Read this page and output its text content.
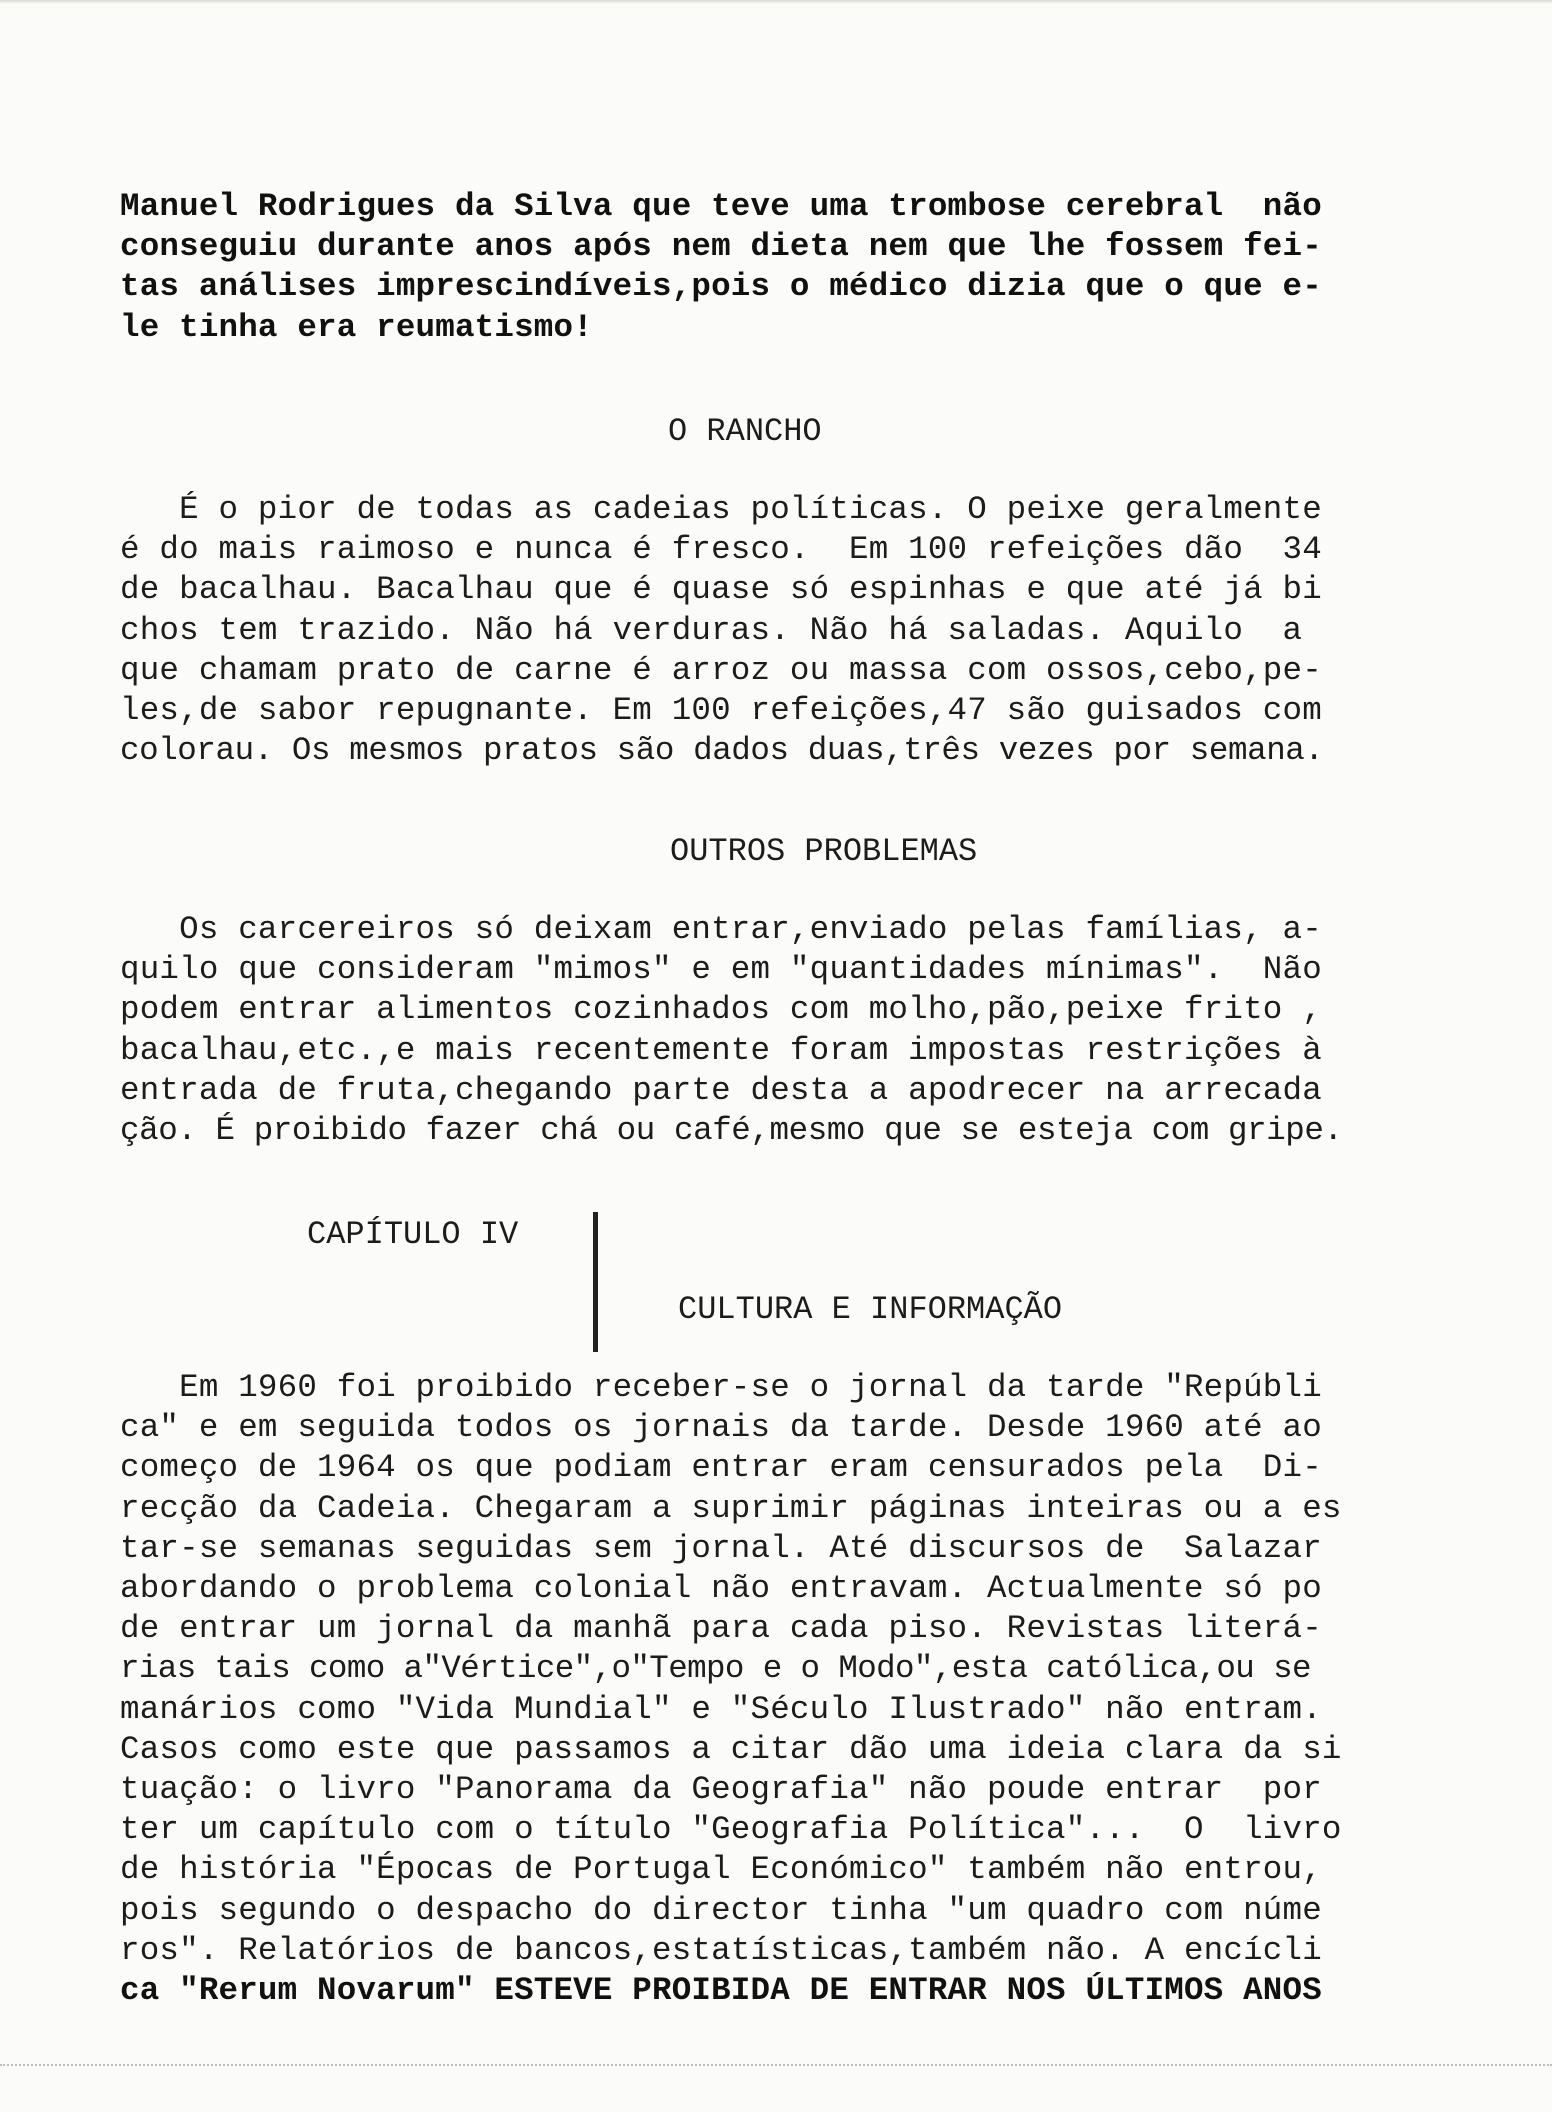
Manuel Rodrigues da Silva que teve uma trombose cerebral  não
conseguiu durante anos após nem dieta nem que lhe fossem fei-
tas análises imprescindíveis,pois o médico dizia que o que e-
le tinha era reumatismo!
O RANCHO
É o pior de todas as cadeias políticas. O peixe geralmente
é do mais raimoso e nunca é fresco.  Em 100 refeições dão  34
de bacalhau. Bacalhau que é quase só espinhas e que até já bi
chos tem trazido. Não há verduras. Não há saladas. Aquilo  a
que chamam prato de carne é arroz ou massa com ossos,cebo,pe-
les,de sabor repugnante. Em 100 refeições,47 são guisados com
colorau. Os mesmos pratos são dados duas,três vezes por semana.
OUTROS PROBLEMAS
Os carcereiros só deixam entrar,enviado pelas famílias, a-
quilo que consideram "mimos" e em "quantidades mínimas".  Não
podem entrar alimentos cozinhados com molho,pão,peixe frito ,
bacalhau,etc.,e mais recentemente foram impostas restrições à
entrada de fruta,chegando parte desta a apodrecer na arrecada
ção. É proibido fazer chá ou café,mesmo que se esteja com gripe.
CAPÍTULO IV
CULTURA E INFORMAÇÃO
Em 1960 foi proibido receber-se o jornal da tarde "Repúbli
ca" e em seguida todos os jornais da tarde. Desde 1960 até ao
começo de 1964 os que podiam entrar eram censurados pela  Di-
recção da Cadeia. Chegaram a suprimir páginas inteiras ou a es
tar-se semanas seguidas sem jornal. Até discursos de  Salazar
abordando o problema colonial não entravam. Actualmente só po
de entrar um jornal da manhã para cada piso. Revistas literá-
rias tais como a"Vértice",o"Tempo e o Modo",esta católica,ou se
manários como "Vida Mundial" e "Século Ilustrado" não entram.
Casos como este que passamos a citar dão uma ideia clara da si
tuação: o livro "Panorama da Geografia" não poude entrar  por
ter um capítulo com o título "Geografia Política"...  O  livro
de história "Épocas de Portugal Económico" também não entrou,
pois segundo o despacho do director tinha "um quadro com núme
ros". Relatórios de bancos,estatísticas,também não. A encícli
ca "Rerum Novarum" ESTEVE PROIBIDA DE ENTRAR NOS ÚLTIMOS ANOS
